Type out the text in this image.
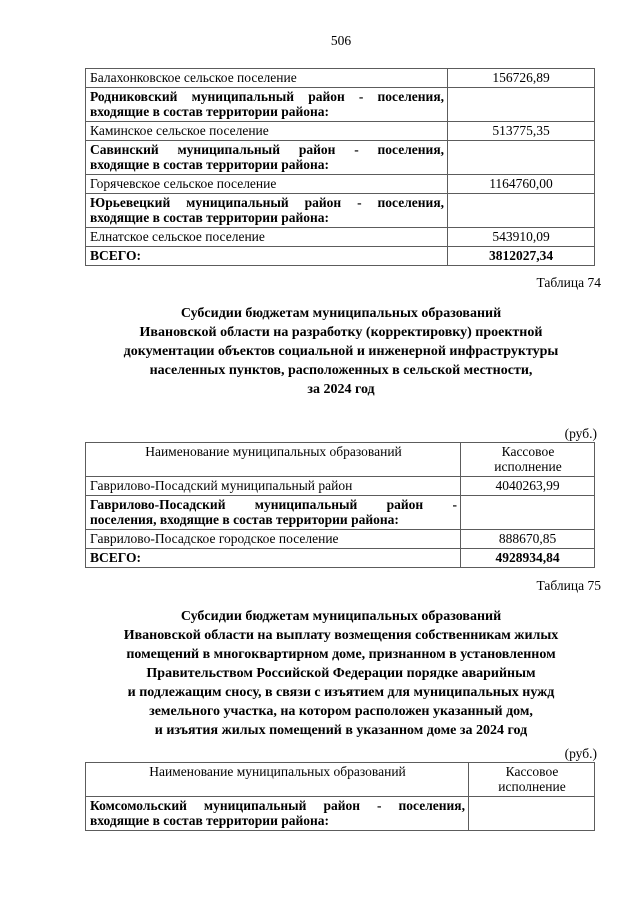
506
Балахонковское сельское поселение	156726,89

Родниковский муниципальный район - поселения,
входящие в состав территории района:	

Каминское сельское поселение	513775,35

Савинский муниципальный район - поселения,
входящие в состав территории района:	

Горячевское сельское поселение	1164760,00

Юрьевецкий муниципальный район - поселения,
входящие в состав территории района:	

Елнатское сельское поселение	543910,09
ВСЕГО:	3812027,34
Таблица 74
Субсидии бюджетам муниципальных образований
Ивановской области на разработку (корректировку) проектной
документации объектов социальной и инженерной инфраструктуры
населенных пунктов, расположенных в сельской местности,
за 2024 год
(руб.)
Наименование муниципальных образований	Кассовое исполнение

Гаврилово-Посадский муниципальный район	4040263,99

Гаврилово-Посадский муниципальный район -
поселения, входящие в состав территории района:	

Гаврилово-Посадское городское поселение	888670,85
ВСЕГО:	4928934,84
Таблица 75
Субсидии бюджетам муниципальных образований
Ивановской области на выплату возмещения собственникам жилых
помещений в многоквартирном доме, признанном в установленном
Правительством Российской Федерации порядке аварийным
и подлежащим сносу, в связи с изъятием для муниципальных нужд
земельного участка, на котором расположен указанный дом,
и изъятия жилых помещений в указанном доме за 2024 год
(руб.)
Наименование муниципальных образований	Кассовое исполнение

Комсомольский муниципальный район - поселения,
входящие в состав территории района:	
